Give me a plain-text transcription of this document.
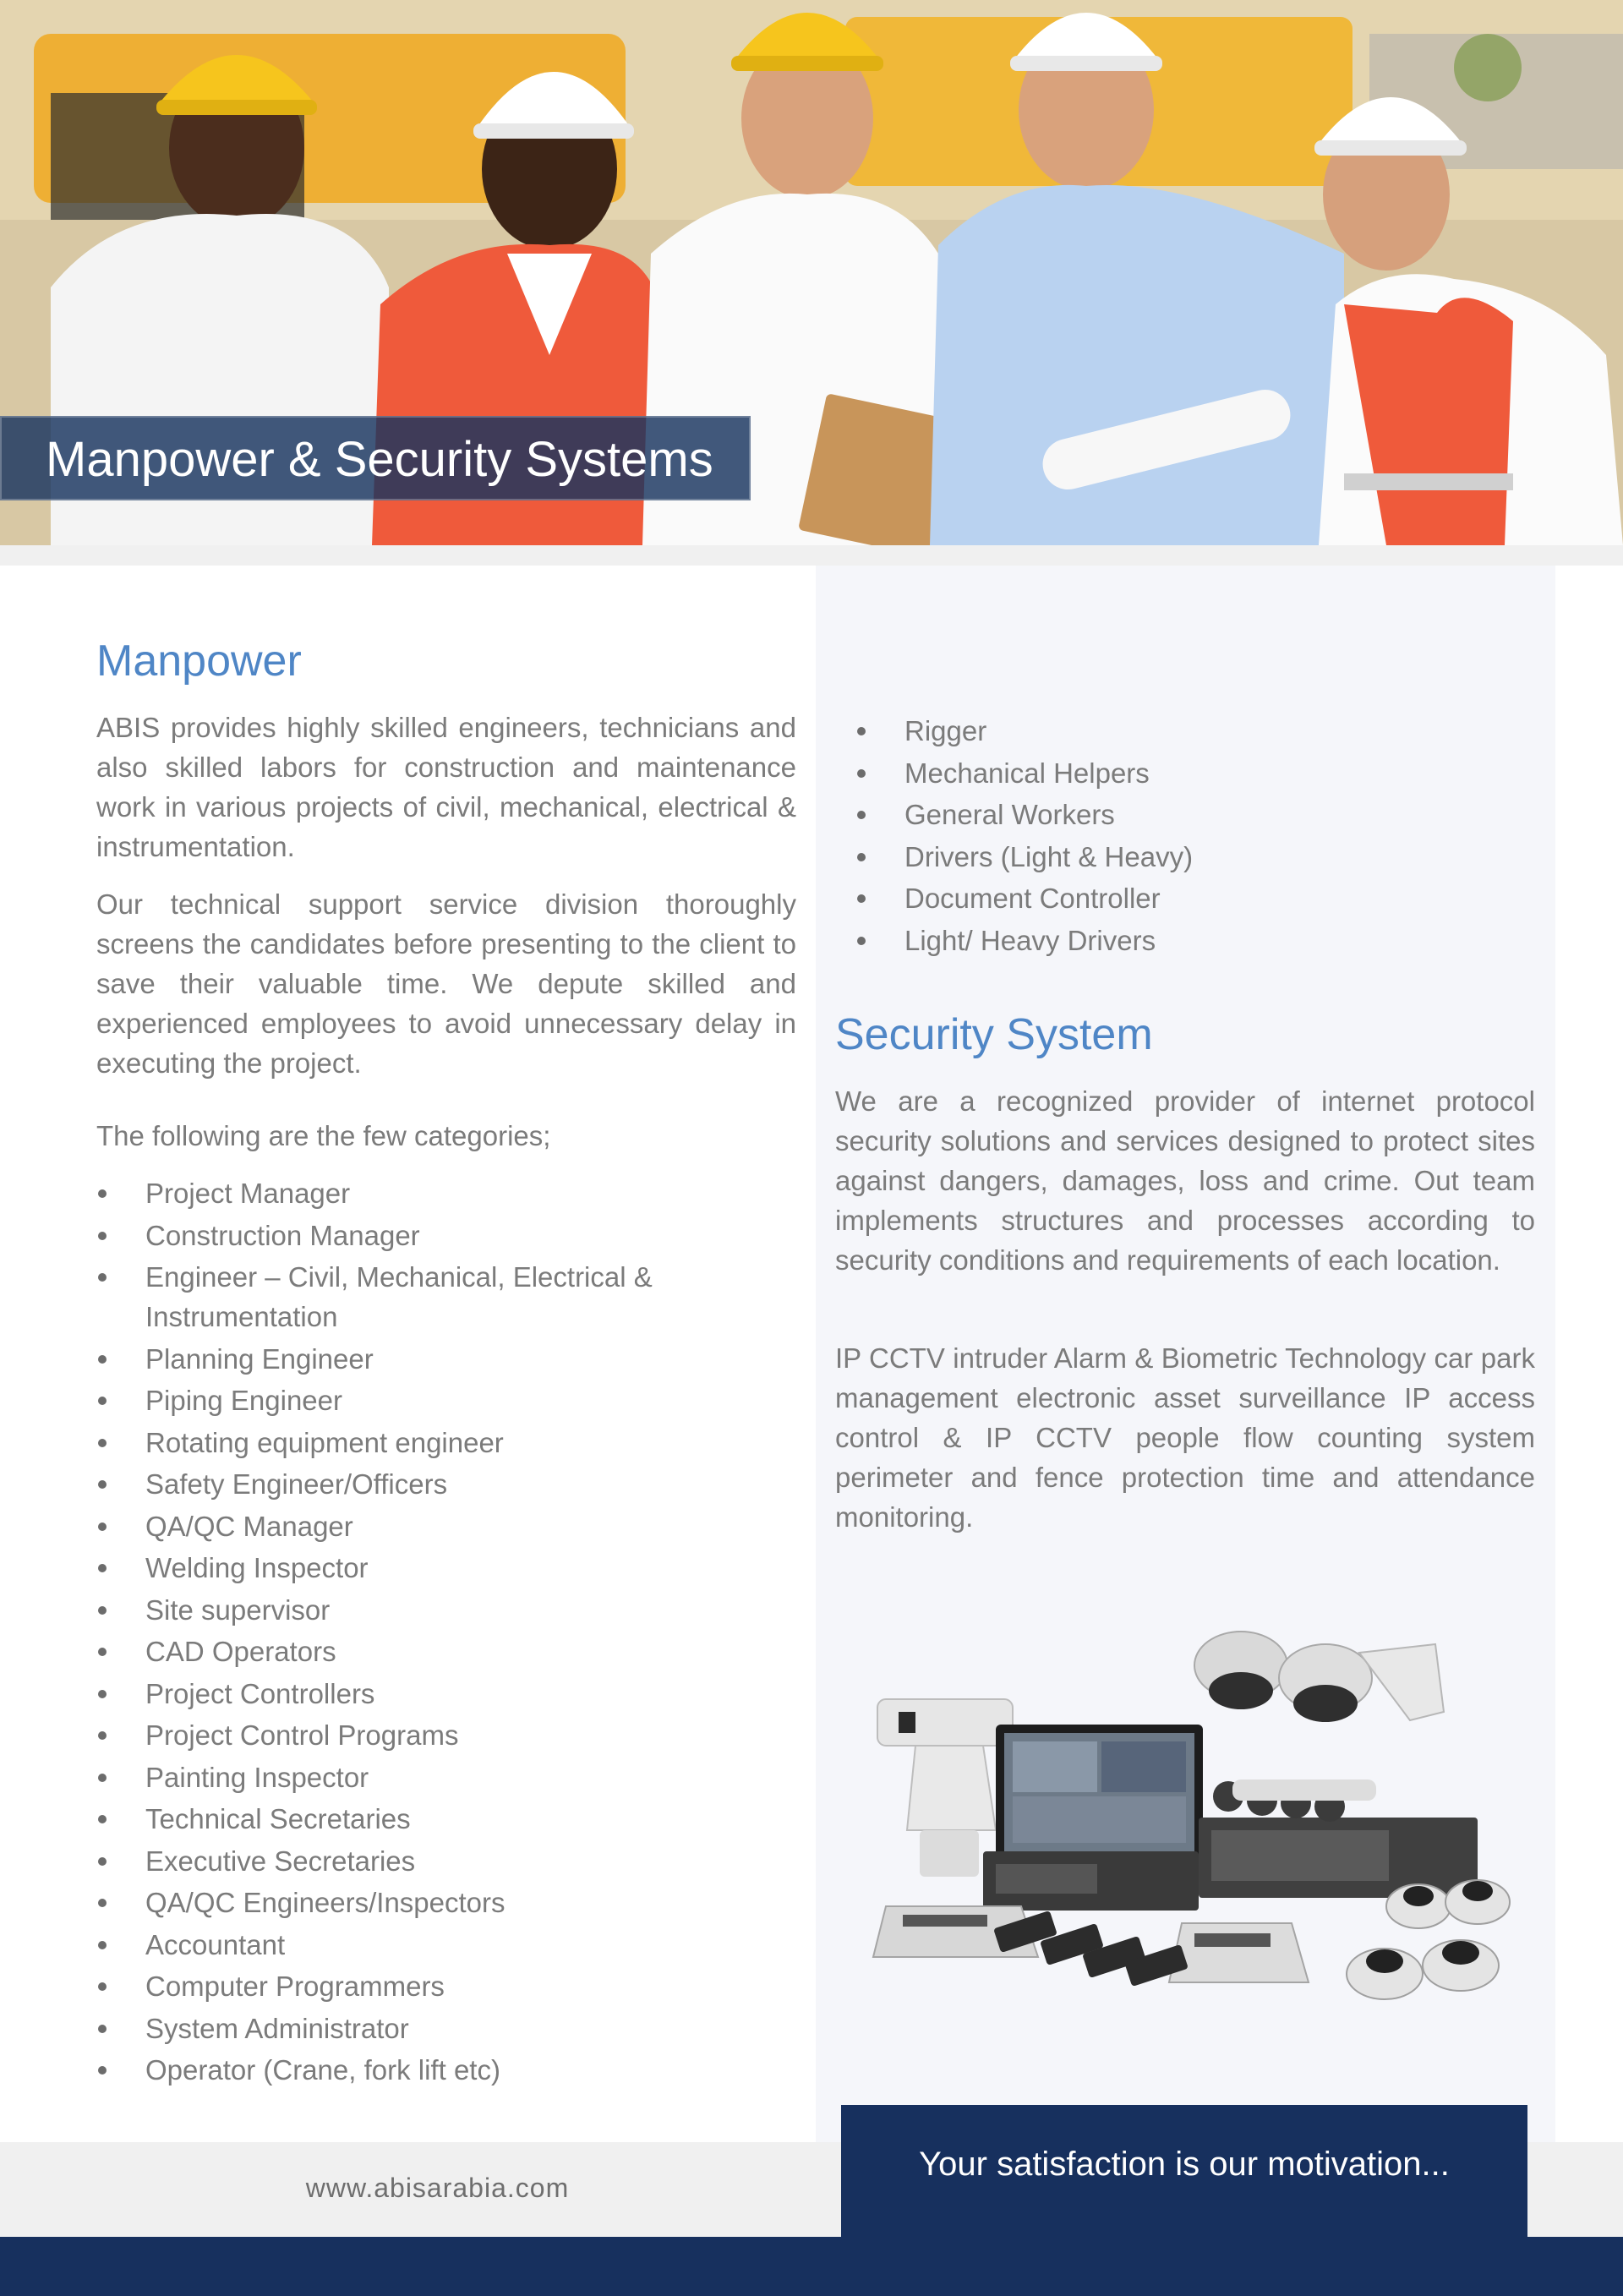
Manpower & Security Systems
Manpower

ABIS provides highly skilled engineers, technicians and also skilled labors for construction and maintenance work in various projects of civil, mechanical, electrical & instrumentation.

Our technical support service division thoroughly screens the candidates before presenting to the client to save their valuable time. We depute skilled and experienced employees to avoid unnecessary delay in executing the project.

The following are the few categories;

Project Manager
Construction Manager
Engineer – Civil, Mechanical, Electrical & Instrumentation
Planning Engineer
Piping Engineer
Rotating equipment engineer
Safety Engineer/Officers
QA/QC Manager
Welding Inspector
Site supervisor
CAD Operators
Project Controllers
Project Control Programs
Painting Inspector
Technical Secretaries
Executive Secretaries
QA/QC Engineers/Inspectors
Accountant
Computer Programmers
System Administrator
Operator (Crane, fork lift etc)
Rigger
Mechanical Helpers
General Workers
Drivers (Light & Heavy)
Document Controller
Light/ Heavy Drivers
Security System

We are a recognized provider of internet protocol security solutions and services designed to protect sites against dangers, damages, loss and crime. Out team implements structures and processes according to security conditions and requirements of each location.

IP CCTV intruder Alarm & Biometric Technology car park management electronic asset surveillance IP access control & IP CCTV people flow counting system perimeter and fence protection time and attendance monitoring.

www.abisarabia.com
Your satisfaction is our motivation...
